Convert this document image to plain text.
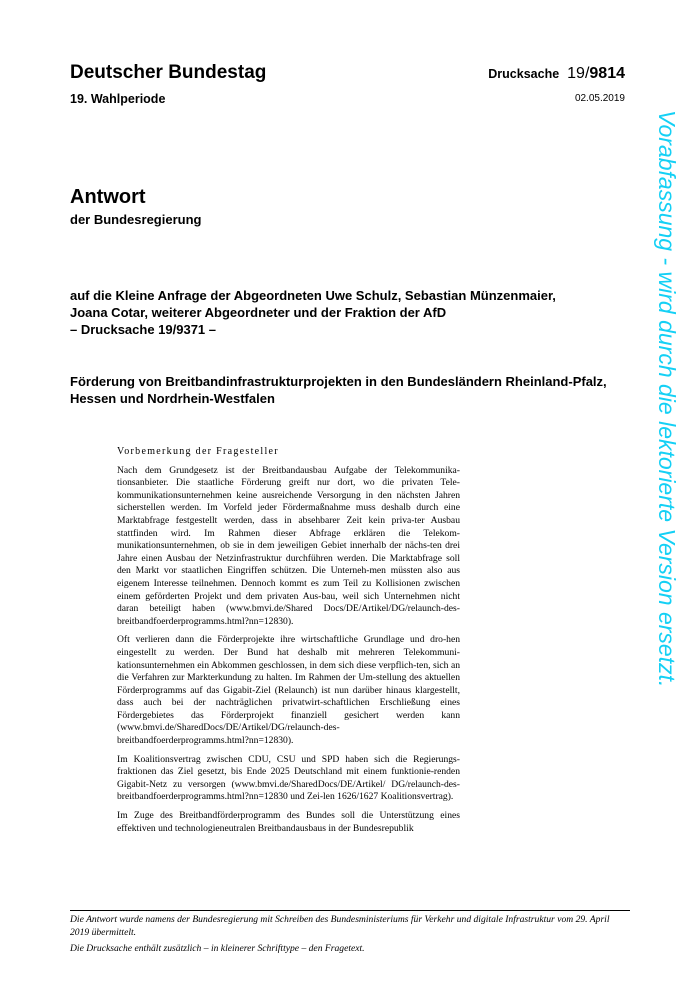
Deutscher Bundestag
19. Wahlperiode
Drucksache 19/9814
02.05.2019
Antwort
der Bundesregierung
auf die Kleine Anfrage der Abgeordneten Uwe Schulz, Sebastian Münzenmaier,
Joana Cotar, weiterer Abgeordneter und der Fraktion der AfD
– Drucksache 19/9371 –
Förderung von Breitbandinfrastrukturprojekten in den Bundesländern Rheinland-Pfalz, Hessen und Nordrhein-Westfalen
Vorbemerkung der Fragesteller

Nach dem Grundgesetz ist der Breitbandausbau Aufgabe der Telekommunika-tionsanbieter. Die staatliche Förderung greift nur dort, wo die privaten Tele-kommunikationsunternehmen keine ausreichende Versorgung in den nächsten Jahren sicherstellen werden. Im Vorfeld jeder Fördermaßnahme muss deshalb durch eine Marktabfrage festgestellt werden, dass in absehbarer Zeit kein priva-ter Ausbau stattfinden wird. Im Rahmen dieser Abfrage erklären die Telekom-munikationsunternehmen, ob sie in dem jeweiligen Gebiet innerhalb der nächs-ten drei Jahre einen Ausbau der Netzinfrastruktur durchführen werden. Die Marktabfrage soll den Markt vor staatlichen Eingriffen schützen. Die Unterneh-men müssten also aus eigenem Interesse teilnehmen. Dennoch kommt es zum Teil zu Kollisionen zwischen einem geförderten Projekt und dem privaten Aus-bau, weil sich Unternehmen nicht daran beteiligt haben (www.bmvi.de/Shared Docs/DE/Artikel/DG/relaunch-des-breitbandfoerderprogramms.html?nn=12830).

Oft verlieren dann die Förderprojekte ihre wirtschaftliche Grundlage und dro-hen eingestellt zu werden. Der Bund hat deshalb mit mehreren Telekommuni-kationsunternehmen ein Abkommen geschlossen, in dem sich diese verpflich-ten, sich an die Verfahren zur Markterkundung zu halten. Im Rahmen der Um-stellung des aktuellen Förderprogramms auf das Gigabit-Ziel (Relaunch) ist nun darüber hinaus klargestellt, dass auch bei der nachträglichen privatwirt-schaftlichen Erschließung eines Fördergebietes das Förderprojekt finanziell gesichert werden kann (www.bmvi.de/SharedDocs/DE/Artikel/DG/relaunch-des-breitbandfoerderprogramms.html?nn=12830).

Im Koalitionsvertrag zwischen CDU, CSU und SPD haben sich die Regierungs-fraktionen das Ziel gesetzt, bis Ende 2025 Deutschland mit einem funktionie-renden Gigabit-Netz zu versorgen (www.bmvi.de/SharedDocs/DE/Artikel/ DG/relaunch-des-breitbandfoerderprogramms.html?nn=12830 und Zei-len 1626/1627 Koalitionsvertrag).

Im Zuge des Breitbandförderprogramm des Bundes soll die Unterstützung eines effektiven und technologieneutralen Breitbandausbaus in der Bundesrepublik

Die Antwort wurde namens der Bundesregierung mit Schreiben des Bundesministeriums für Verkehr und digitale Infrastruktur vom 29. April 2019 übermittelt.

Die Drucksache enthält zusätzlich – in kleinerer Schrifttype – den Fragetext.

Vorabfassung - wird durch die lektorierte Version ersetzt.
